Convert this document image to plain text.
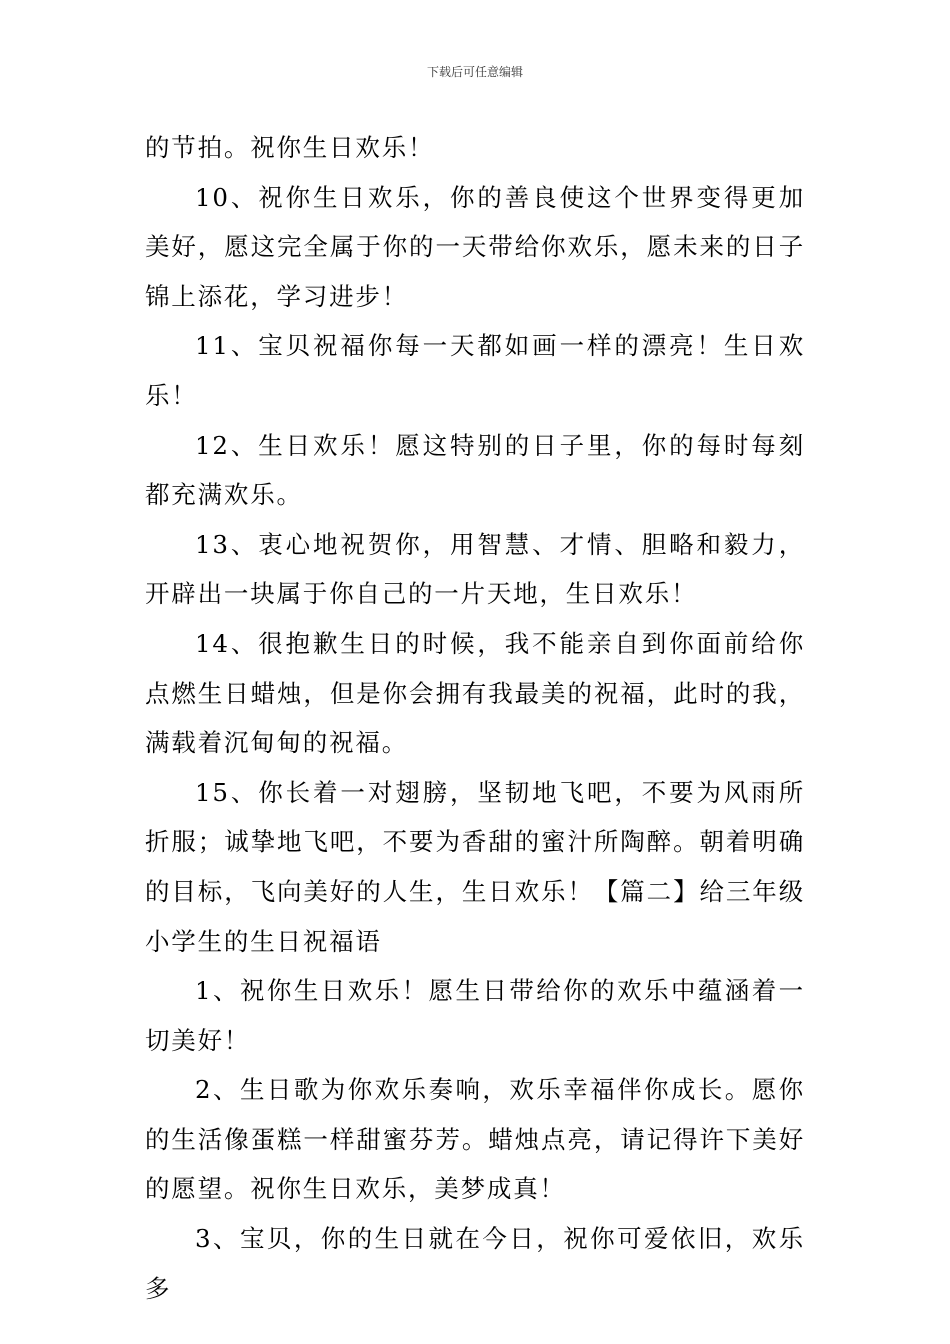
下载后可任意编辑

的节拍。祝你生日欢乐！

10、祝你生日欢乐，你的善良使这个世界变得更加美好，愿这完全属于你的一天带给你欢乐，愿未来的日子锦上添花，学习进步！

11、宝贝祝福你每一天都如画一样的漂亮！生日欢乐！

12、生日欢乐！愿这特别的日子里，你的每时每刻都充满欢乐。

13、衷心地祝贺你，用智慧、才情、胆略和毅力，开辟出一块属于你自己的一片天地，生日欢乐！

14、很抱歉生日的时候，我不能亲自到你面前给你点燃生日蜡烛，但是你会拥有我最美的祝福，此时的我，满载着沉甸甸的祝福。

15、你长着一对翅膀，坚韧地飞吧，不要为风雨所折服；诚挚地飞吧，不要为香甜的蜜汁所陶醉。朝着明确的目标，飞向美好的人生，生日欢乐！【篇二】给三年级小学生的生日祝福语

1、祝你生日欢乐！愿生日带给你的欢乐中蕴涵着一切美好！

2、生日歌为你欢乐奏响，欢乐幸福伴你成长。愿你的生活像蛋糕一样甜蜜芬芳。蜡烛点亮，请记得许下美好的愿望。祝你生日欢乐，美梦成真！

3、宝贝，你的生日就在今日，祝你可爱依旧，欢乐多
